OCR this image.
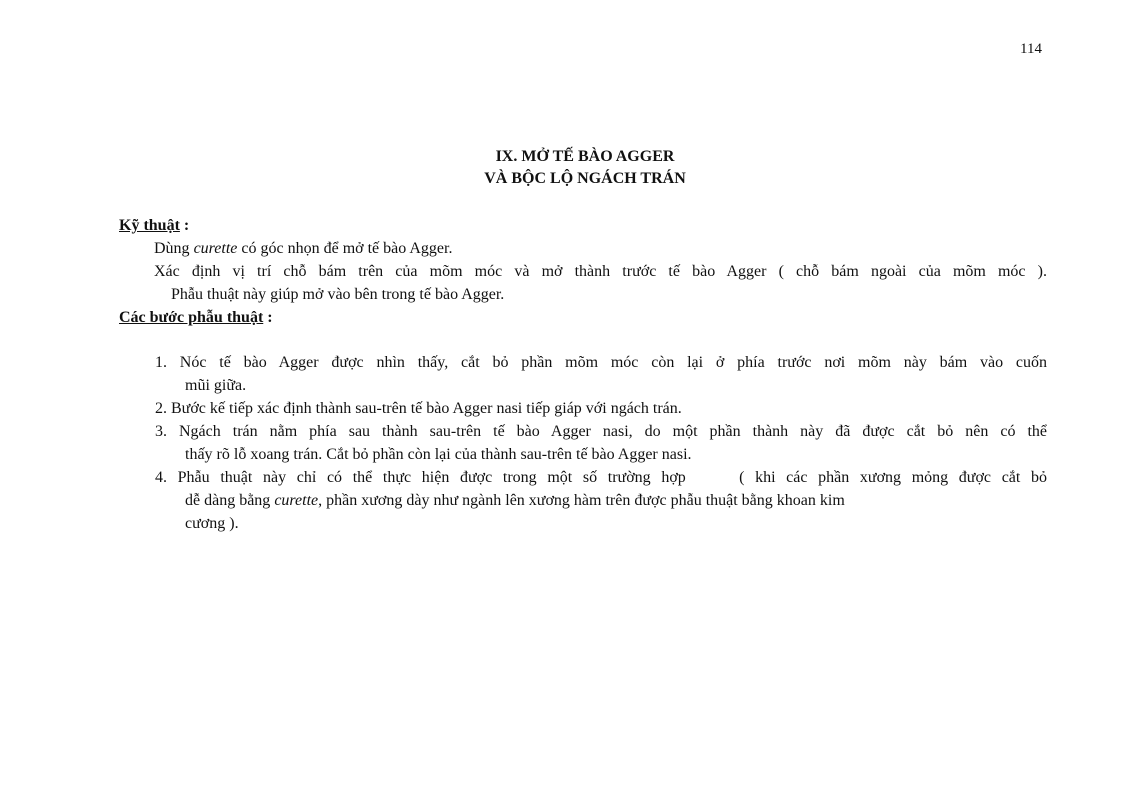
114
IX. MỞ TẾ BÀO AGGER
VÀ BỘC LỘ NGÁCH TRÁN
Kỹ thuật :
Dùng curette có góc nhọn để mở tế bào Agger.
Xác định vị trí chỗ bám trên của mõm móc và mở thành trước tế bào Agger ( chỗ bám ngoài của mõm móc ).
Phẫu thuật này giúp mở vào bên trong tế bào Agger.
Các bước phẫu thuật :
1. Nóc tế bào Agger được nhìn thấy, cắt bỏ phần mõm móc còn lại ở phía trước nơi mõm này bám vào cuốn
mũi giữa.
2. Bước kế tiếp xác định thành sau-trên tế bào Agger nasi tiếp giáp với ngách trán.
3. Ngách trán nằm phía sau thành sau-trên tế bào Agger nasi, do một phần thành này đã được cắt bỏ nên có thể
thấy rõ lỗ xoang trán. Cắt bỏ phần còn lại của thành sau-trên tế bào Agger nasi.
4. Phẫu thuật này chỉ có thể thực hiện được trong một số trường hợp     ( khi các phần xương mỏng được cắt bỏ
dễ dàng bằng curette, phần xương dày như ngành lên xương hàm trên được phẫu thuật bằng khoan kim
cương ).
